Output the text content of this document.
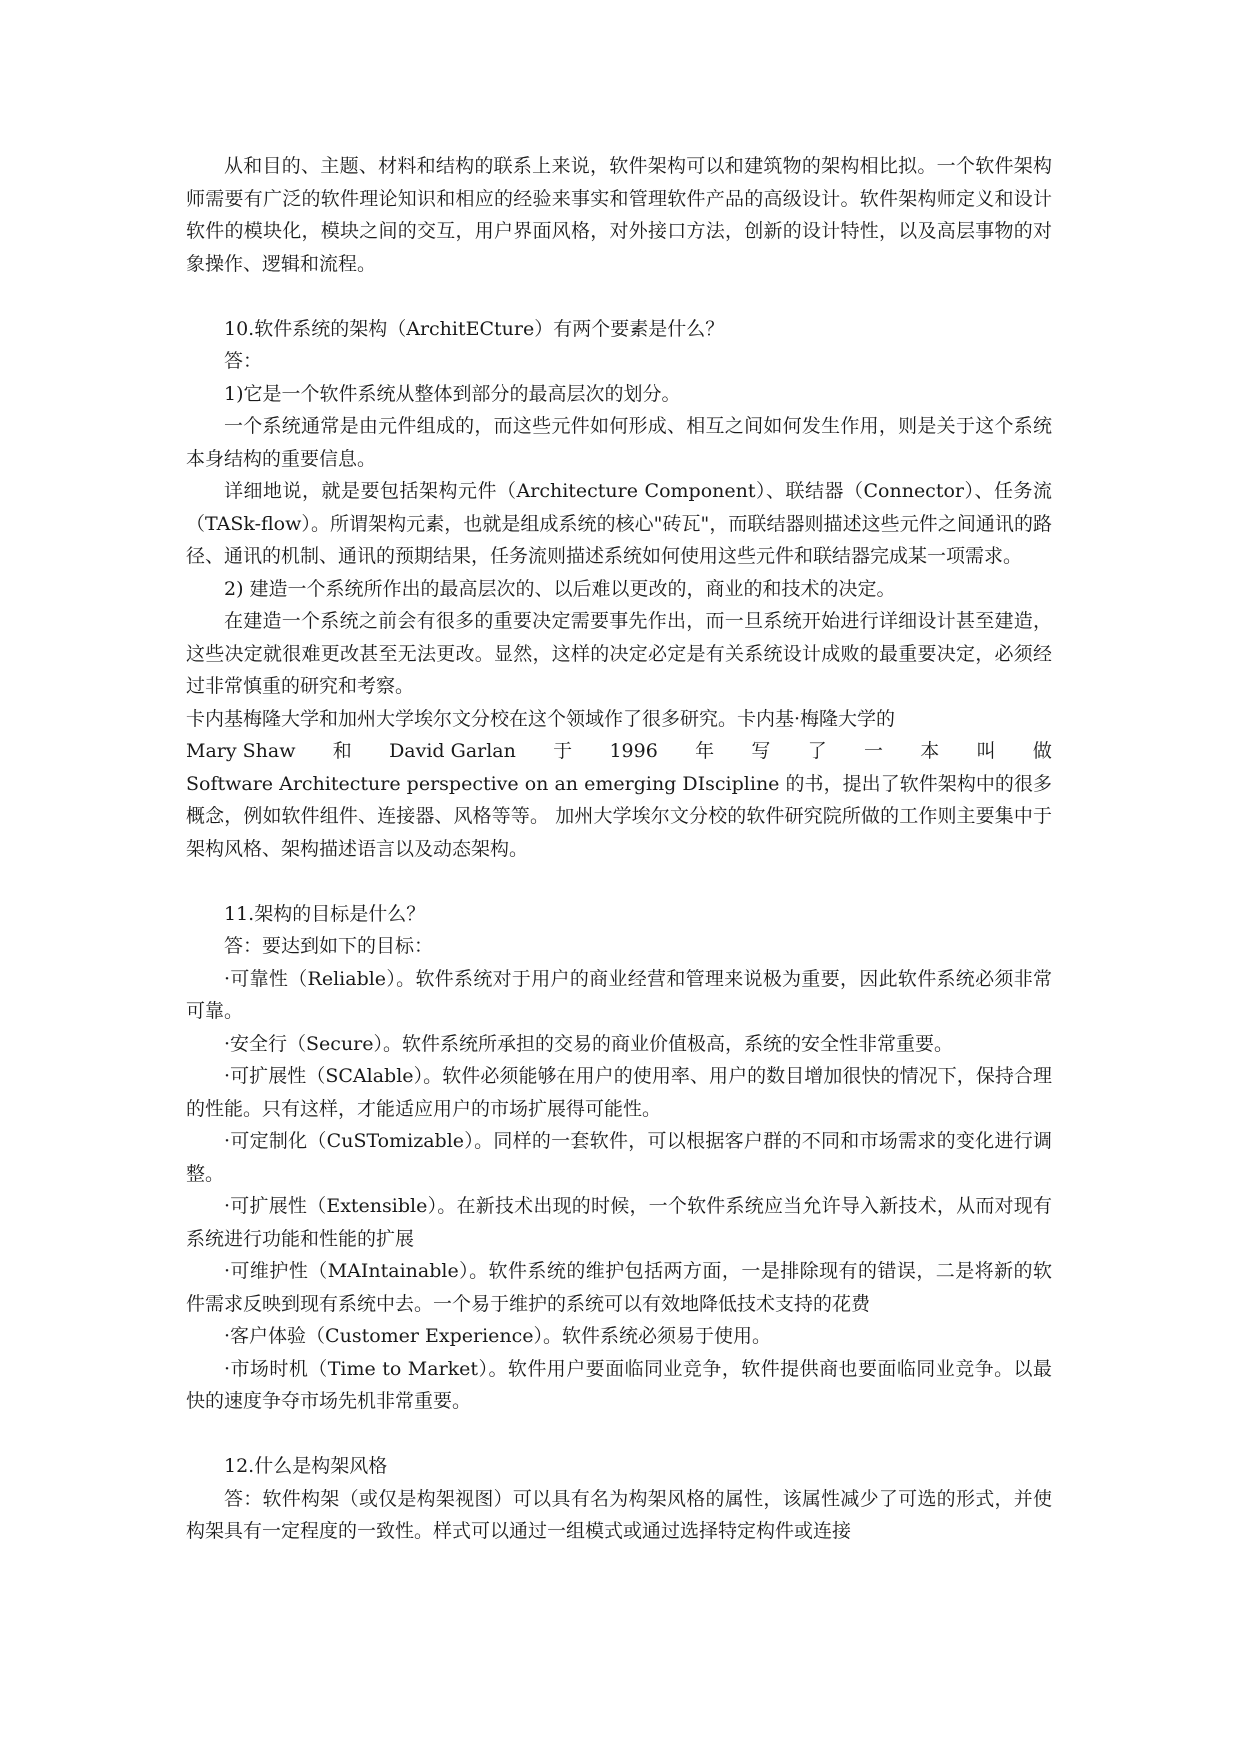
从和目的、主题、材料和结构的联系上来说，软件架构可以和建筑物的架构相比拟。一个软件架构师需要有广泛的软件理论知识和相应的经验来事实和管理软件产品的高级设计。软件架构师定义和设计软件的模块化，模块之间的交互，用户界面风格，对外接口方法，创新的设计特性，以及高层事物的对象操作、逻辑和流程。

10.软件系统的架构（ArchitECture）有两个要素是什么？

答：

1)它是一个软件系统从整体到部分的最高层次的划分。

一个系统通常是由元件组成的，而这些元件如何形成、相互之间如何发生作用，则是关于这个系统本身结构的重要信息。

详细地说，就是要包括架构元件（Architecture Component）、联结器（Connector）、任务流（TASk-flow）。所谓架构元素，也就是组成系统的核心"砖瓦"，而联结器则描述这些元件之间通讯的路径、通讯的机制、通讯的预期结果，任务流则描述系统如何使用这些元件和联结器完成某一项需求。

2) 建造一个系统所作出的最高层次的、以后难以更改的，商业的和技术的决定。

在建造一个系统之前会有很多的重要决定需要事先作出，而一旦系统开始进行详细设计甚至建造，这些决定就很难更改甚至无法更改。显然，这样的决定必定是有关系统设计成败的最重要决定，必须经过非常慎重的研究和考察。

卡内基梅隆大学和加州大学埃尔文分校在这个领域作了很多研究。卡内基·梅隆大学的

Mary Shaw 和 David Garlan 于 1996 年 写 了 一 本 叫 做

Software Architecture perspective on an emerging DIscipline 的书，提出了软件架构中的很多概念，例如软件组件、连接器、风格等等。 加州大学埃尔文分校的软件研究院所做的工作则主要集中于架构风格、架构描述语言以及动态架构。

11.架构的目标是什么？

答：要达到如下的目标：

·可靠性（Reliable）。软件系统对于用户的商业经营和管理来说极为重要，因此软件系统必须非常可靠。

·安全行（Secure）。软件系统所承担的交易的商业价值极高，系统的安全性非常重要。

·可扩展性（SCAlable）。软件必须能够在用户的使用率、用户的数目增加很快的情况下，保持合理的性能。只有这样，才能适应用户的市场扩展得可能性。

·可定制化（CuSTomizable）。同样的一套软件，可以根据客户群的不同和市场需求的变化进行调整。

·可扩展性（Extensible）。在新技术出现的时候，一个软件系统应当允许导入新技术，从而对现有系统进行功能和性能的扩展

·可维护性（MAIntainable）。软件系统的维护包括两方面，一是排除现有的错误，二是将新的软件需求反映到现有系统中去。一个易于维护的系统可以有效地降低技术支持的花费

·客户体验（Customer Experience）。软件系统必须易于使用。

·市场时机（Time to Market）。软件用户要面临同业竞争，软件提供商也要面临同业竞争。以最快的速度争夺市场先机非常重要。

12.什么是构架风格

答：软件构架（或仅是构架视图）可以具有名为构架风格的属性，该属性减少了可选的形式，并使构架具有一定程度的一致性。样式可以通过一组模式或通过选择特定构件或连接
